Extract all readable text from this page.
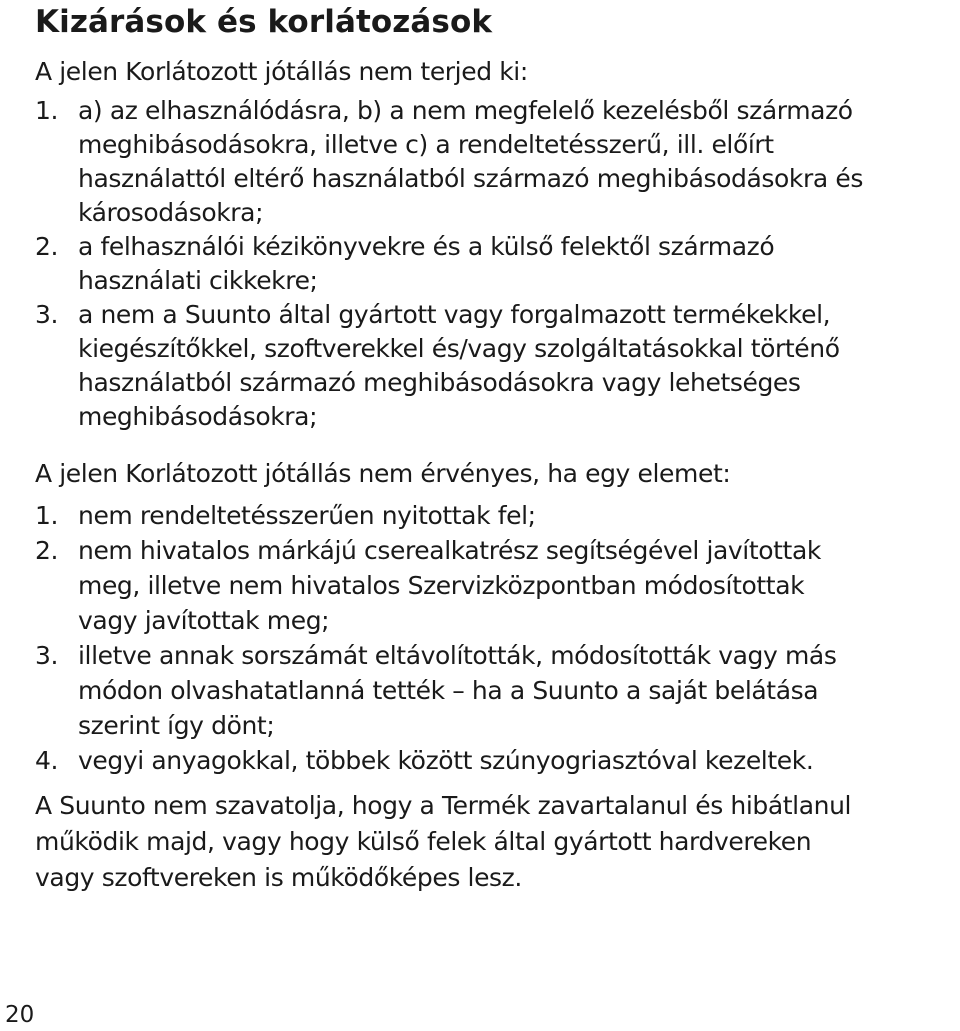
Kizárások és korlátozások

A jelen Korlátozott jótállás nem terjed ki:

1. a) az elhasználódásra, b) a nem megfelelő kezelésből származó
meghibásodásokra, illetve c) a rendeltetésszerű, ill. előírt
használattól eltérő használatból származó meghibásodásokra és
károsodásokra;
2. a felhasználói kézikönyvekre és a külső felektől származó
használati cikkekre;
3. a nem a Suunto által gyártott vagy forgalmazott termékekkel,
kiegészítőkkel, szoftverekkel és/vagy szolgáltatásokkal történő
használatból származó meghibásodásokra vagy lehetséges
meghibásodásokra;

A jelen Korlátozott jótállás nem érvényes, ha egy elemet:

1. nem rendeltetésszerűen nyitottak fel;
2. nem hivatalos márkájú cserealkatrész segítségével javítottak
meg, illetve nem hivatalos Szervizközpontban módosítottak
vagy javítottak meg;
3. illetve annak sorszámát eltávolították, módosították vagy más
módon olvashatatlanná tették – ha a Suunto a saját belátása
szerint így dönt;
4. vegyi anyagokkal, többek között szúnyogriasztóval kezeltek.

A Suunto nem szavatolja, hogy a Termék zavartalanul és hibátlanul
működik majd, vagy hogy külső felek által gyártott hardvereken
vagy szoftvereken is működőképes lesz.

20
